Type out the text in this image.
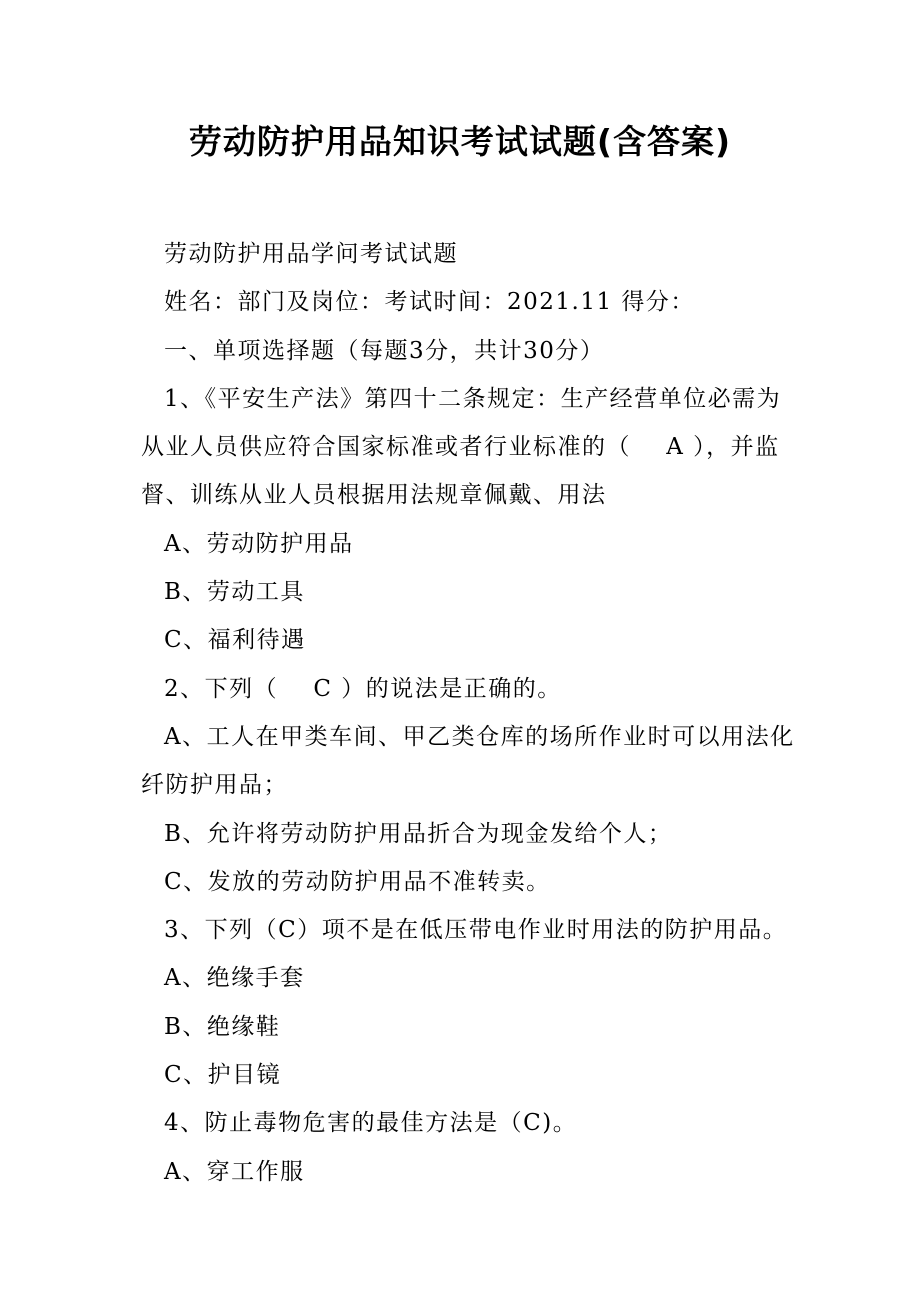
劳动防护用品知识考试试题(含答案)

劳动防护用品学问考试试题

姓名：部门及岗位：考试时间：2021.11 得分：

一、单项选择题（每题3分，共计30分）

1、《平安生产法》第四十二条规定：生产经营单位必需为从业人员供应符合国家标准或者行业标准的（    A ），并监督、训练从业人员根据用法规章佩戴、用法

A、劳动防护用品

B、劳动工具

C、福利待遇

2、下列（    C ）的说法是正确的。

A、工人在甲类车间、甲乙类仓库的场所作业时可以用法化纤防护用品；

B、允许将劳动防护用品折合为现金发给个人；

C、发放的劳动防护用品不准转卖。

3、下列（C）项不是在低压带电作业时用法的防护用品。

A、绝缘手套

B、绝缘鞋

C、护目镜

4、防止毒物危害的最佳方法是（C)。

A、穿工作服
